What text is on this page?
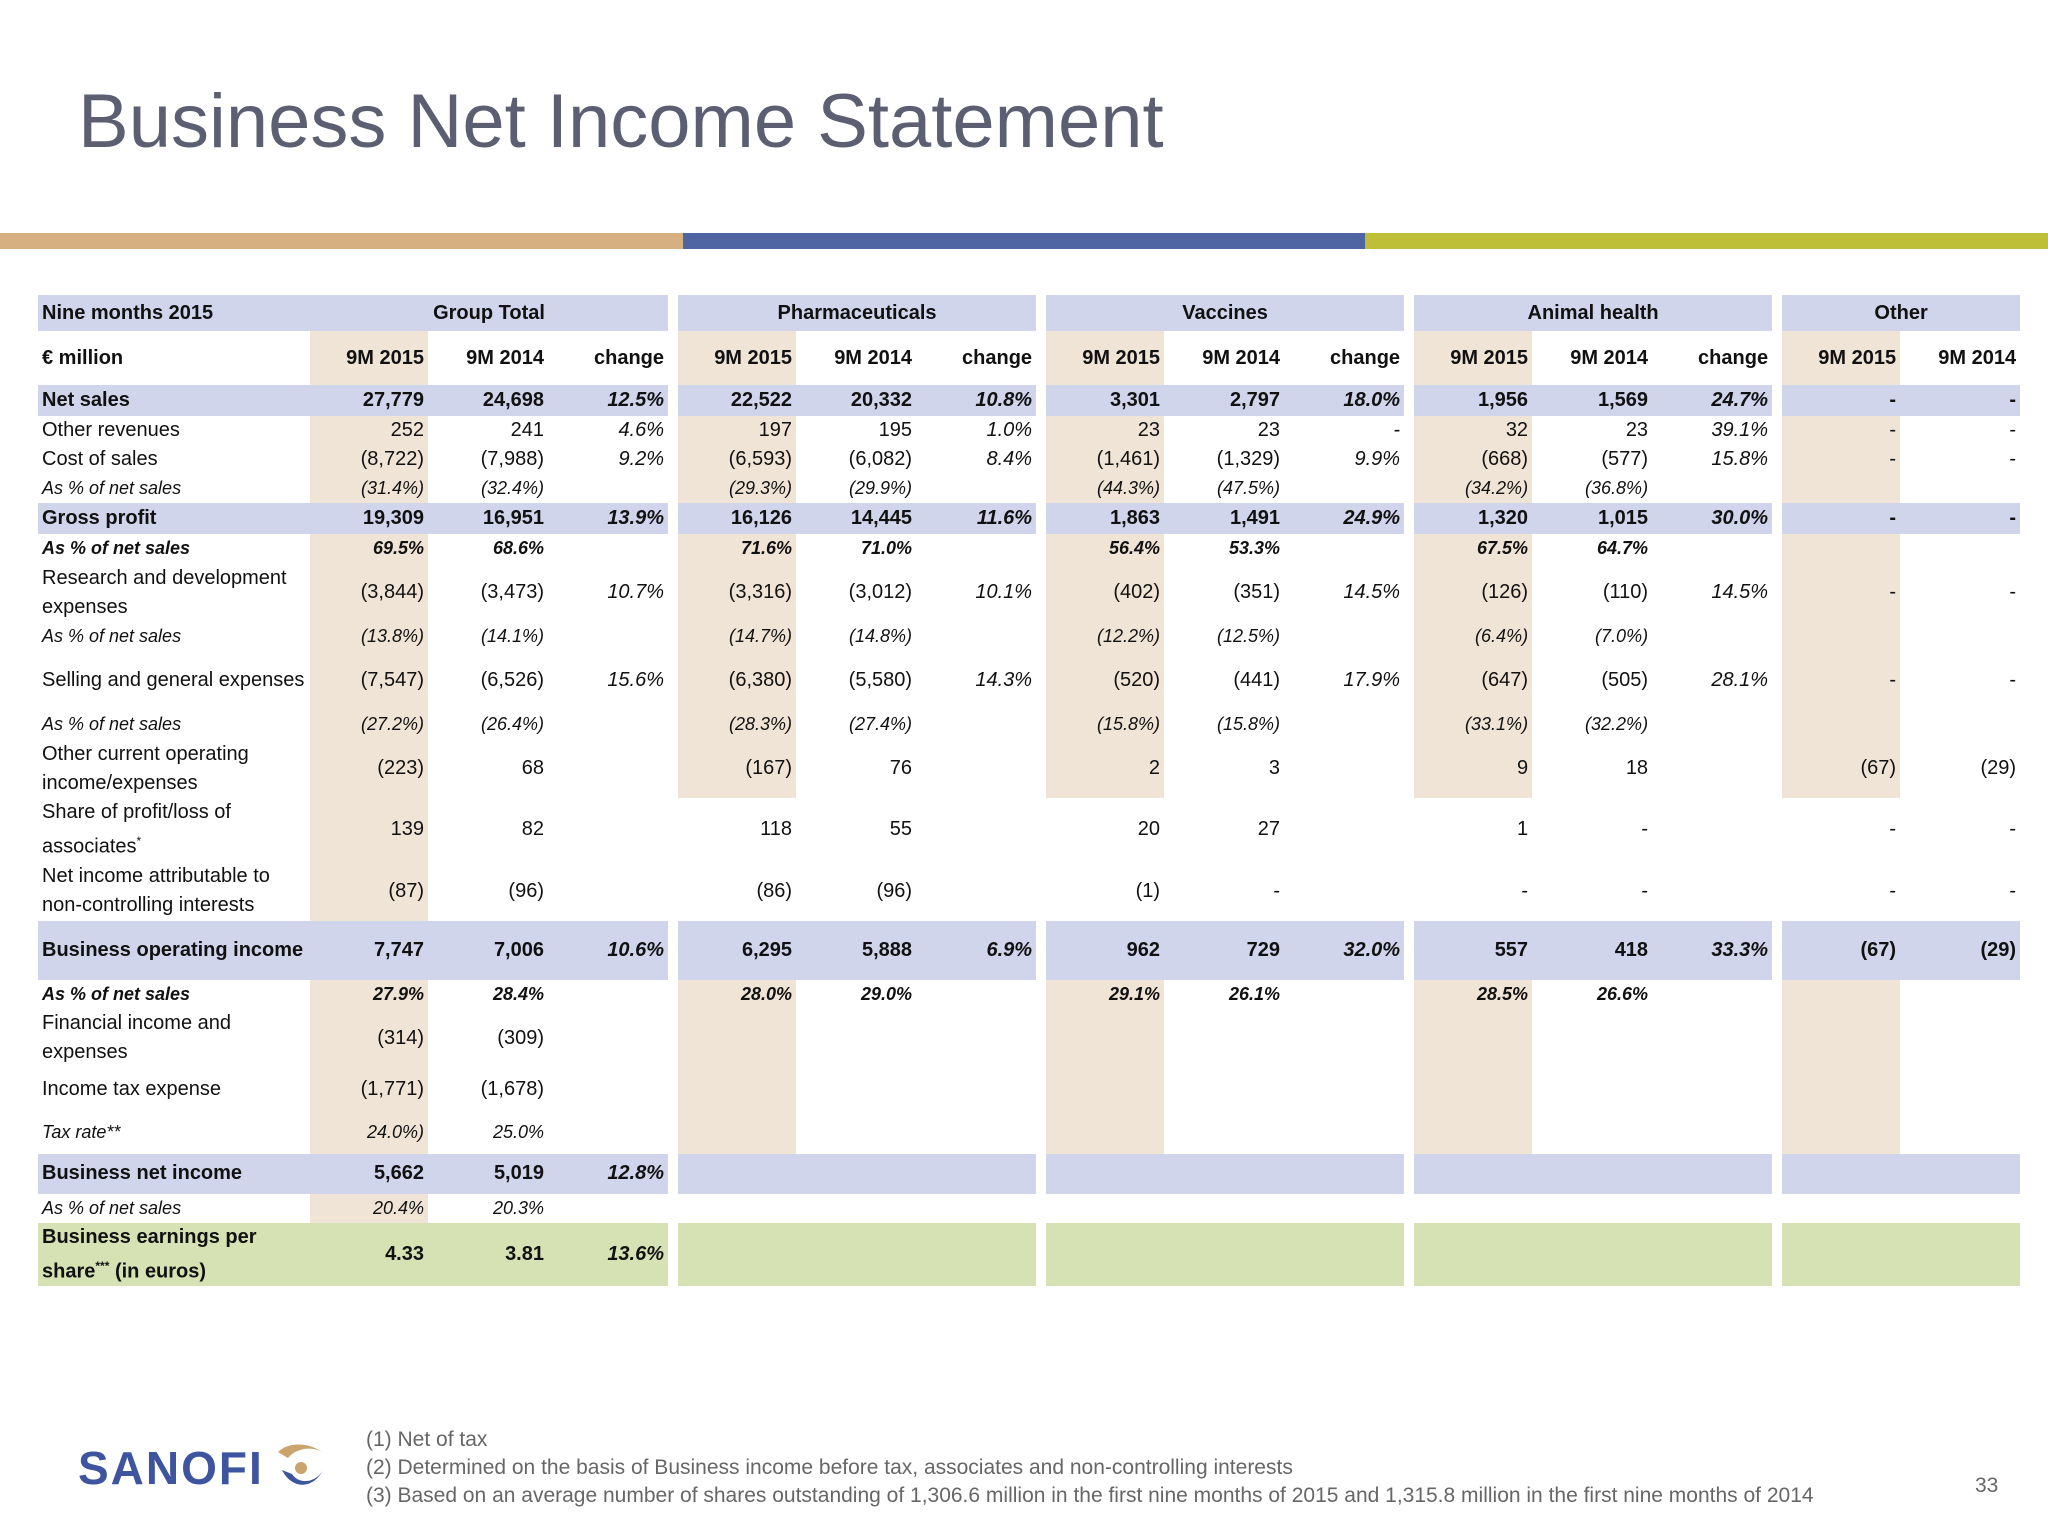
Business Net Income Statement
Nine months 2015	Group Total				Pharmaceuticals				Vaccines				Animal health				Other	
€ million	9M 2015	9M 2014	change		9M 2015	9M 2014	change		9M 2015	9M 2014	change		9M 2015	9M 2014	change		9M 2015	9M 2014
Net sales	27,779	24,698	12.5%		22,522	20,332	10.8%		3,301	2,797	18.0%		1,956	1,569	24.7%		-	-
Other revenues	252	241	4.6%		197	195	1.0%		23	23	-		32	23	39.1%		-	-
Cost of sales	(8,722)	(7,988)	9.2%		(6,593)	(6,082)	8.4%		(1,461)	(1,329)	9.9%		(668)	(577)	15.8%		-	-
As % of net sales	(31.4%)	(32.4%)			(29.3%)	(29.9%)			(44.3%)	(47.5%)			(34.2%)	(36.8%)				
Gross profit	19,309	16,951	13.9%		16,126	14,445	11.6%		1,863	1,491	24.9%		1,320	1,015	30.0%		-	-
As % of net sales	69.5%	68.6%			71.6%	71.0%			56.4%	53.3%			67.5%	64.7%				
Research and development expenses	(3,844)	(3,473)	10.7%		(3,316)	(3,012)	10.1%		(402)	(351)	14.5%		(126)	(110)	14.5%		-	-
As % of net sales	(13.8%)	(14.1%)			(14.7%)	(14.8%)			(12.2%)	(12.5%)			(6.4%)	(7.0%)				
Selling and general expenses	(7,547)	(6,526)	15.6%		(6,380)	(5,580)	14.3%		(520)	(441)	17.9%		(647)	(505)	28.1%		-	-
As % of net sales	(27.2%)	(26.4%)			(28.3%)	(27.4%)			(15.8%)	(15.8%)			(33.1%)	(32.2%)				
Other current operating income/expenses	(223)	68			(167)	76			2	3			9	18			(67)	(29)
Share of profit/loss of associates*	139	82			118	55			20	27			1	-			-	-
Net income attributable to non-controlling interests	(87)	(96)			(86)	(96)			(1)	-			-	-			-	-
Business operating income	7,747	7,006	10.6%		6,295	5,888	6.9%		962	729	32.0%		557	418	33.3%		(67)	(29)
As % of net sales	27.9%	28.4%			28.0%	29.0%			29.1%	26.1%			28.5%	26.6%				
Financial income and expenses	(314)	(309)																
Income tax expense	(1,771)	(1,678)																
Tax rate**	24.0%)	25.0%																
Business net income	5,662	5,019	12.8%															
As % of net sales	20.4%	20.3%																
Business earnings per share*** (in euros)	4.33	3.81	13.6%															
SANOFI
(1) Net of tax
(2) Determined on the basis of Business income before tax, associates and non-controlling interests
(3) Based on an average number of shares outstanding of 1,306.6 million in the first nine months of 2015 and 1,315.8 million in the first nine months of 2014	33
